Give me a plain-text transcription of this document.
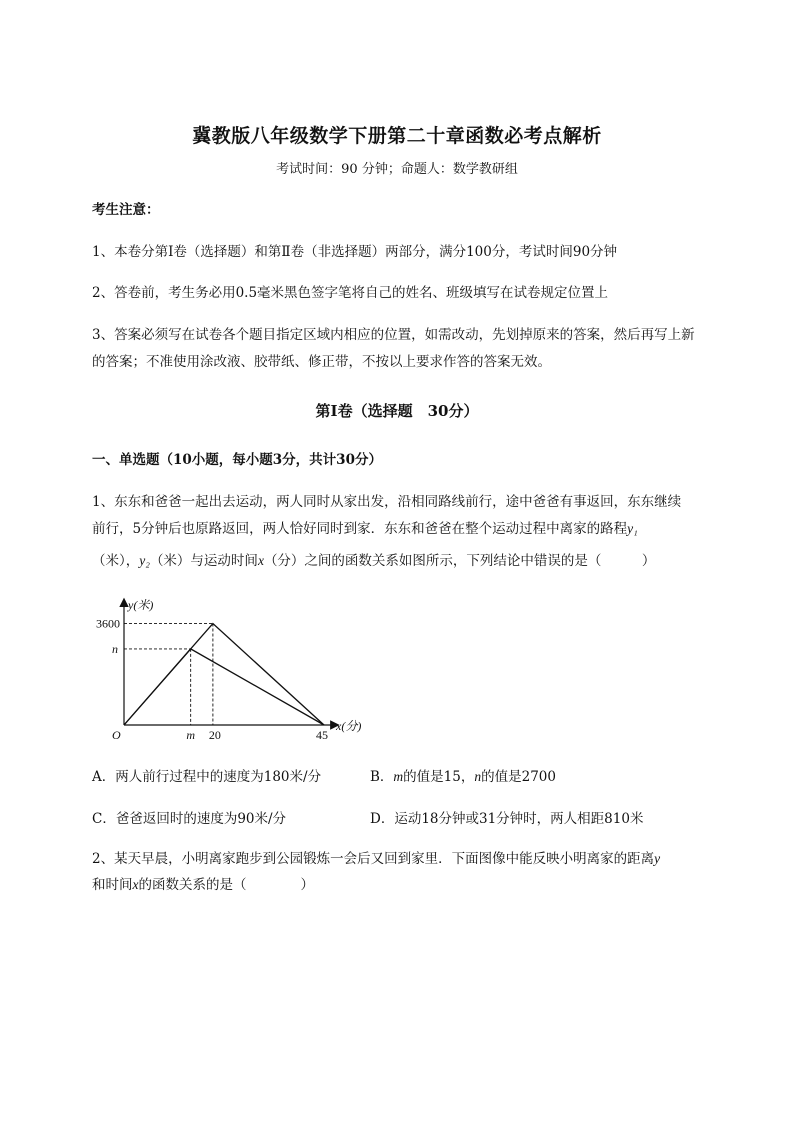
冀教版八年级数学下册第二十章函数必考点解析
考试时间：90 分钟；命题人：数学教研组
考生注意：
1、本卷分第I卷（选择题）和第Ⅱ卷（非选择题）两部分，满分100分，考试时间90分钟
2、答卷前，考生务必用0.5毫米黑色签字笔将自己的姓名、班级填写在试卷规定位置上
3、答案必须写在试卷各个题目指定区域内相应的位置，如需改动，先划掉原来的答案，然后再写上新
的答案；不准使用涂改液、胶带纸、修正带，不按以上要求作答的答案无效。
第I卷（选择题　30分）
一、单选题（10小题，每小题3分，共计30分）
1、东东和爸爸一起出去运动，两人同时从家出发，沿相同路线前行，途中爸爸有事返回，东东继续
前行，5分钟后也原路返回，两人恰好同时到家．东东和爸爸在整个运动过程中离家的路程y₁
（米），y₂（米）与运动时间x（分）之间的函数关系如图所示，下列结论中错误的是（　　　）
y(米)
x(分)
O
3600
n
m 20	45
A．两人前行过程中的速度为180米/分	B．m的值是15，n的值是2700
C．爸爸返回时的速度为90米/分	D．运动18分钟或31分钟时，两人相距810米
2、某天早晨，小明离家跑步到公园锻炼一会后又回到家里．下面图像中能反映小明离家的距离y
和时间x的函数关系的是（　　　　）
